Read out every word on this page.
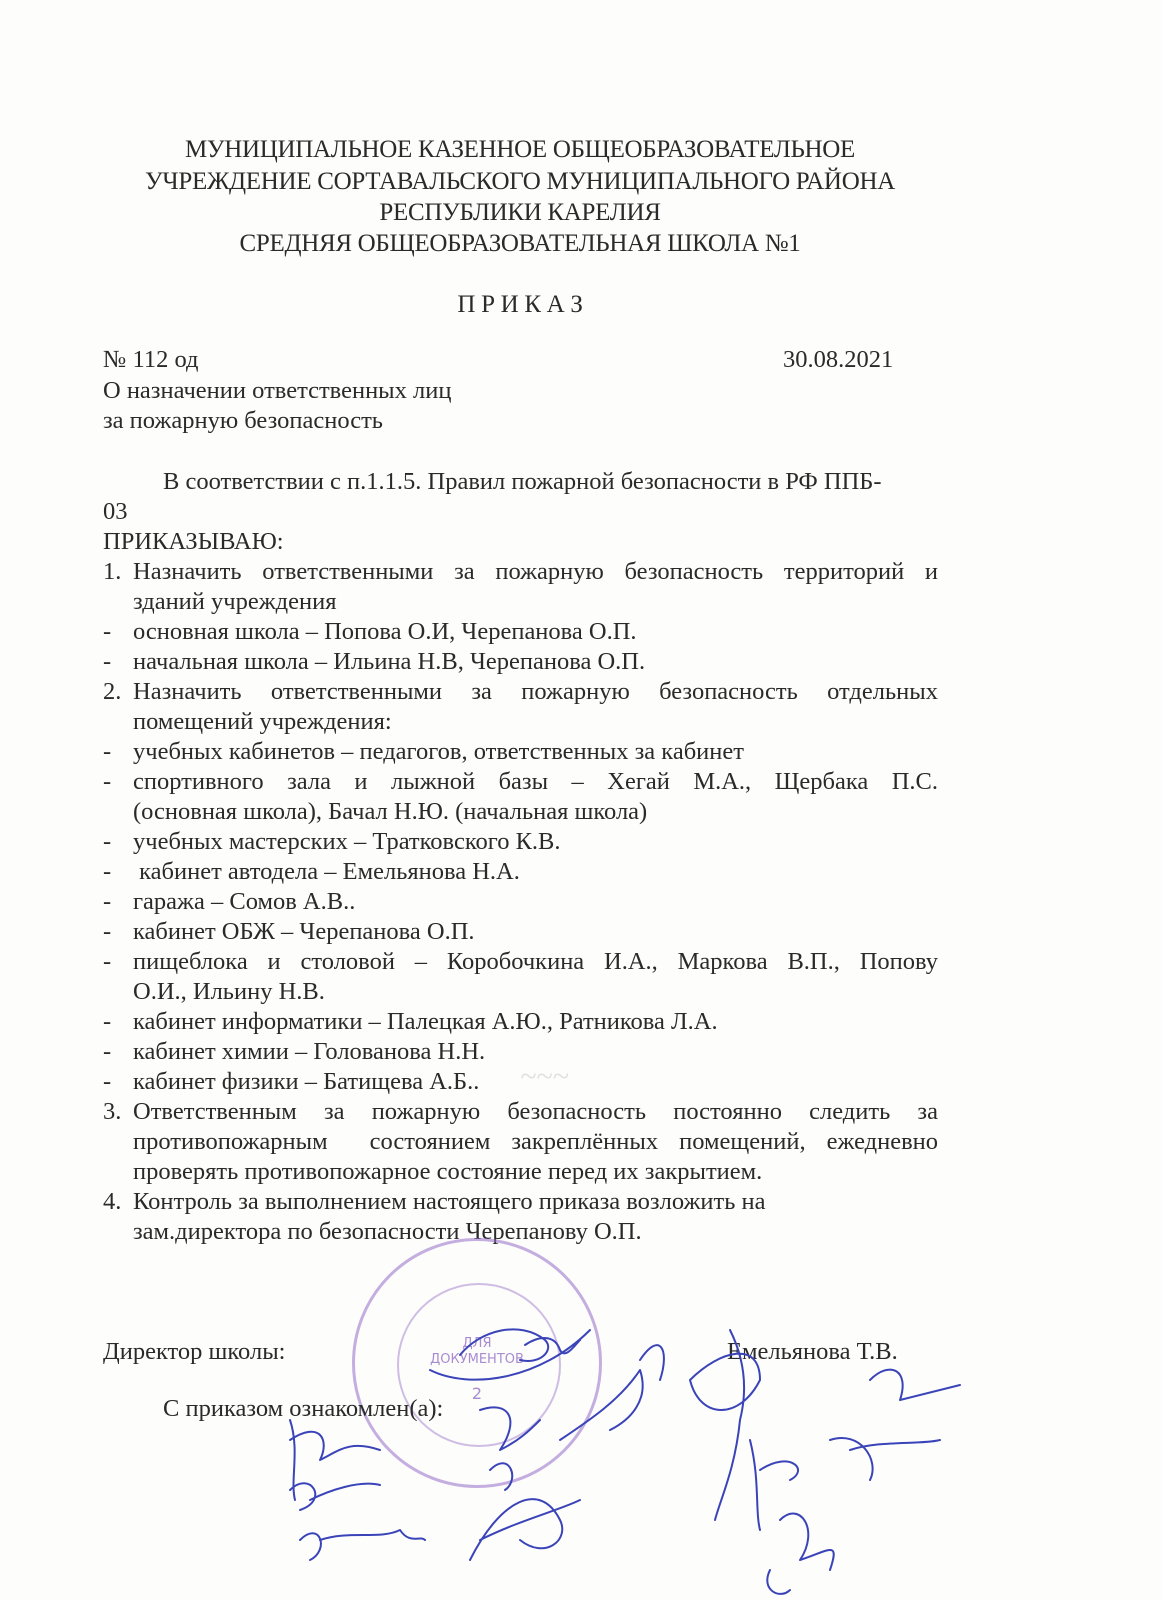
МУНИЦИПАЛЬНОЕ КАЗЕННОЕ ОБЩЕОБРАЗОВАТЕЛЬНОЕ
УЧРЕЖДЕНИЕ СОРТАВАЛЬСКОГО МУНИЦИПАЛЬНОГО РАЙОНА
РЕСПУБЛИКИ КАРЕЛИЯ
СРЕДНЯЯ ОБЩЕОБРАЗОВАТЕЛЬНАЯ ШКОЛА №1
П Р И К А З
№ 112 од	30.08.2021
О назначении ответственных лиц
за пожарную безопасность
В соответствии с п.1.1.5. Правил пожарной безопасности в РФ ППБ-
03
ПРИКАЗЫВАЮ:
1. Назначить ответственными за пожарную безопасность территорий и
зданий учреждения
- основная школа – Попова О.И, Черепанова О.П.
- начальная школа – Ильина Н.В, Черепанова О.П.
2. Назначить ответственными за пожарную безопасность отдельных
помещений учреждения:
- учебных кабинетов – педагогов, ответственных за кабинет
- спортивного зала и лыжной базы – Хегай М.А., Щербака П.С.
(основная школа), Бачал Н.Ю. (начальная школа)
- учебных мастерских – Тратковского К.В.
- кабинет автодела – Емельянова Н.А.
- гаража – Сомов А.В..
- кабинет ОБЖ – Черепанова О.П.
- пищеблока и столовой – Коробочкина И.А., Маркова В.П., Попову
О.И., Ильину Н.В.
- кабинет информатики – Палецкая А.Ю., Ратникова Л.А.
- кабинет химии – Голованова Н.Н.
- кабинет физики – Батищева А.Б..
3. Ответственным за пожарную безопасность постоянно следить за
противопожарным  состоянием закреплённых помещений, ежедневно
проверять противопожарное состояние перед их закрытием.
4. Контроль за выполнением настоящего приказа возложить на
зам.директора по безопасности Черепанову О.П.
ДЛЯ
ДОКУМЕНТОВ
2
Директор школы:	Емельянова Т.В.
С приказом ознакомлен(а):
~~~
